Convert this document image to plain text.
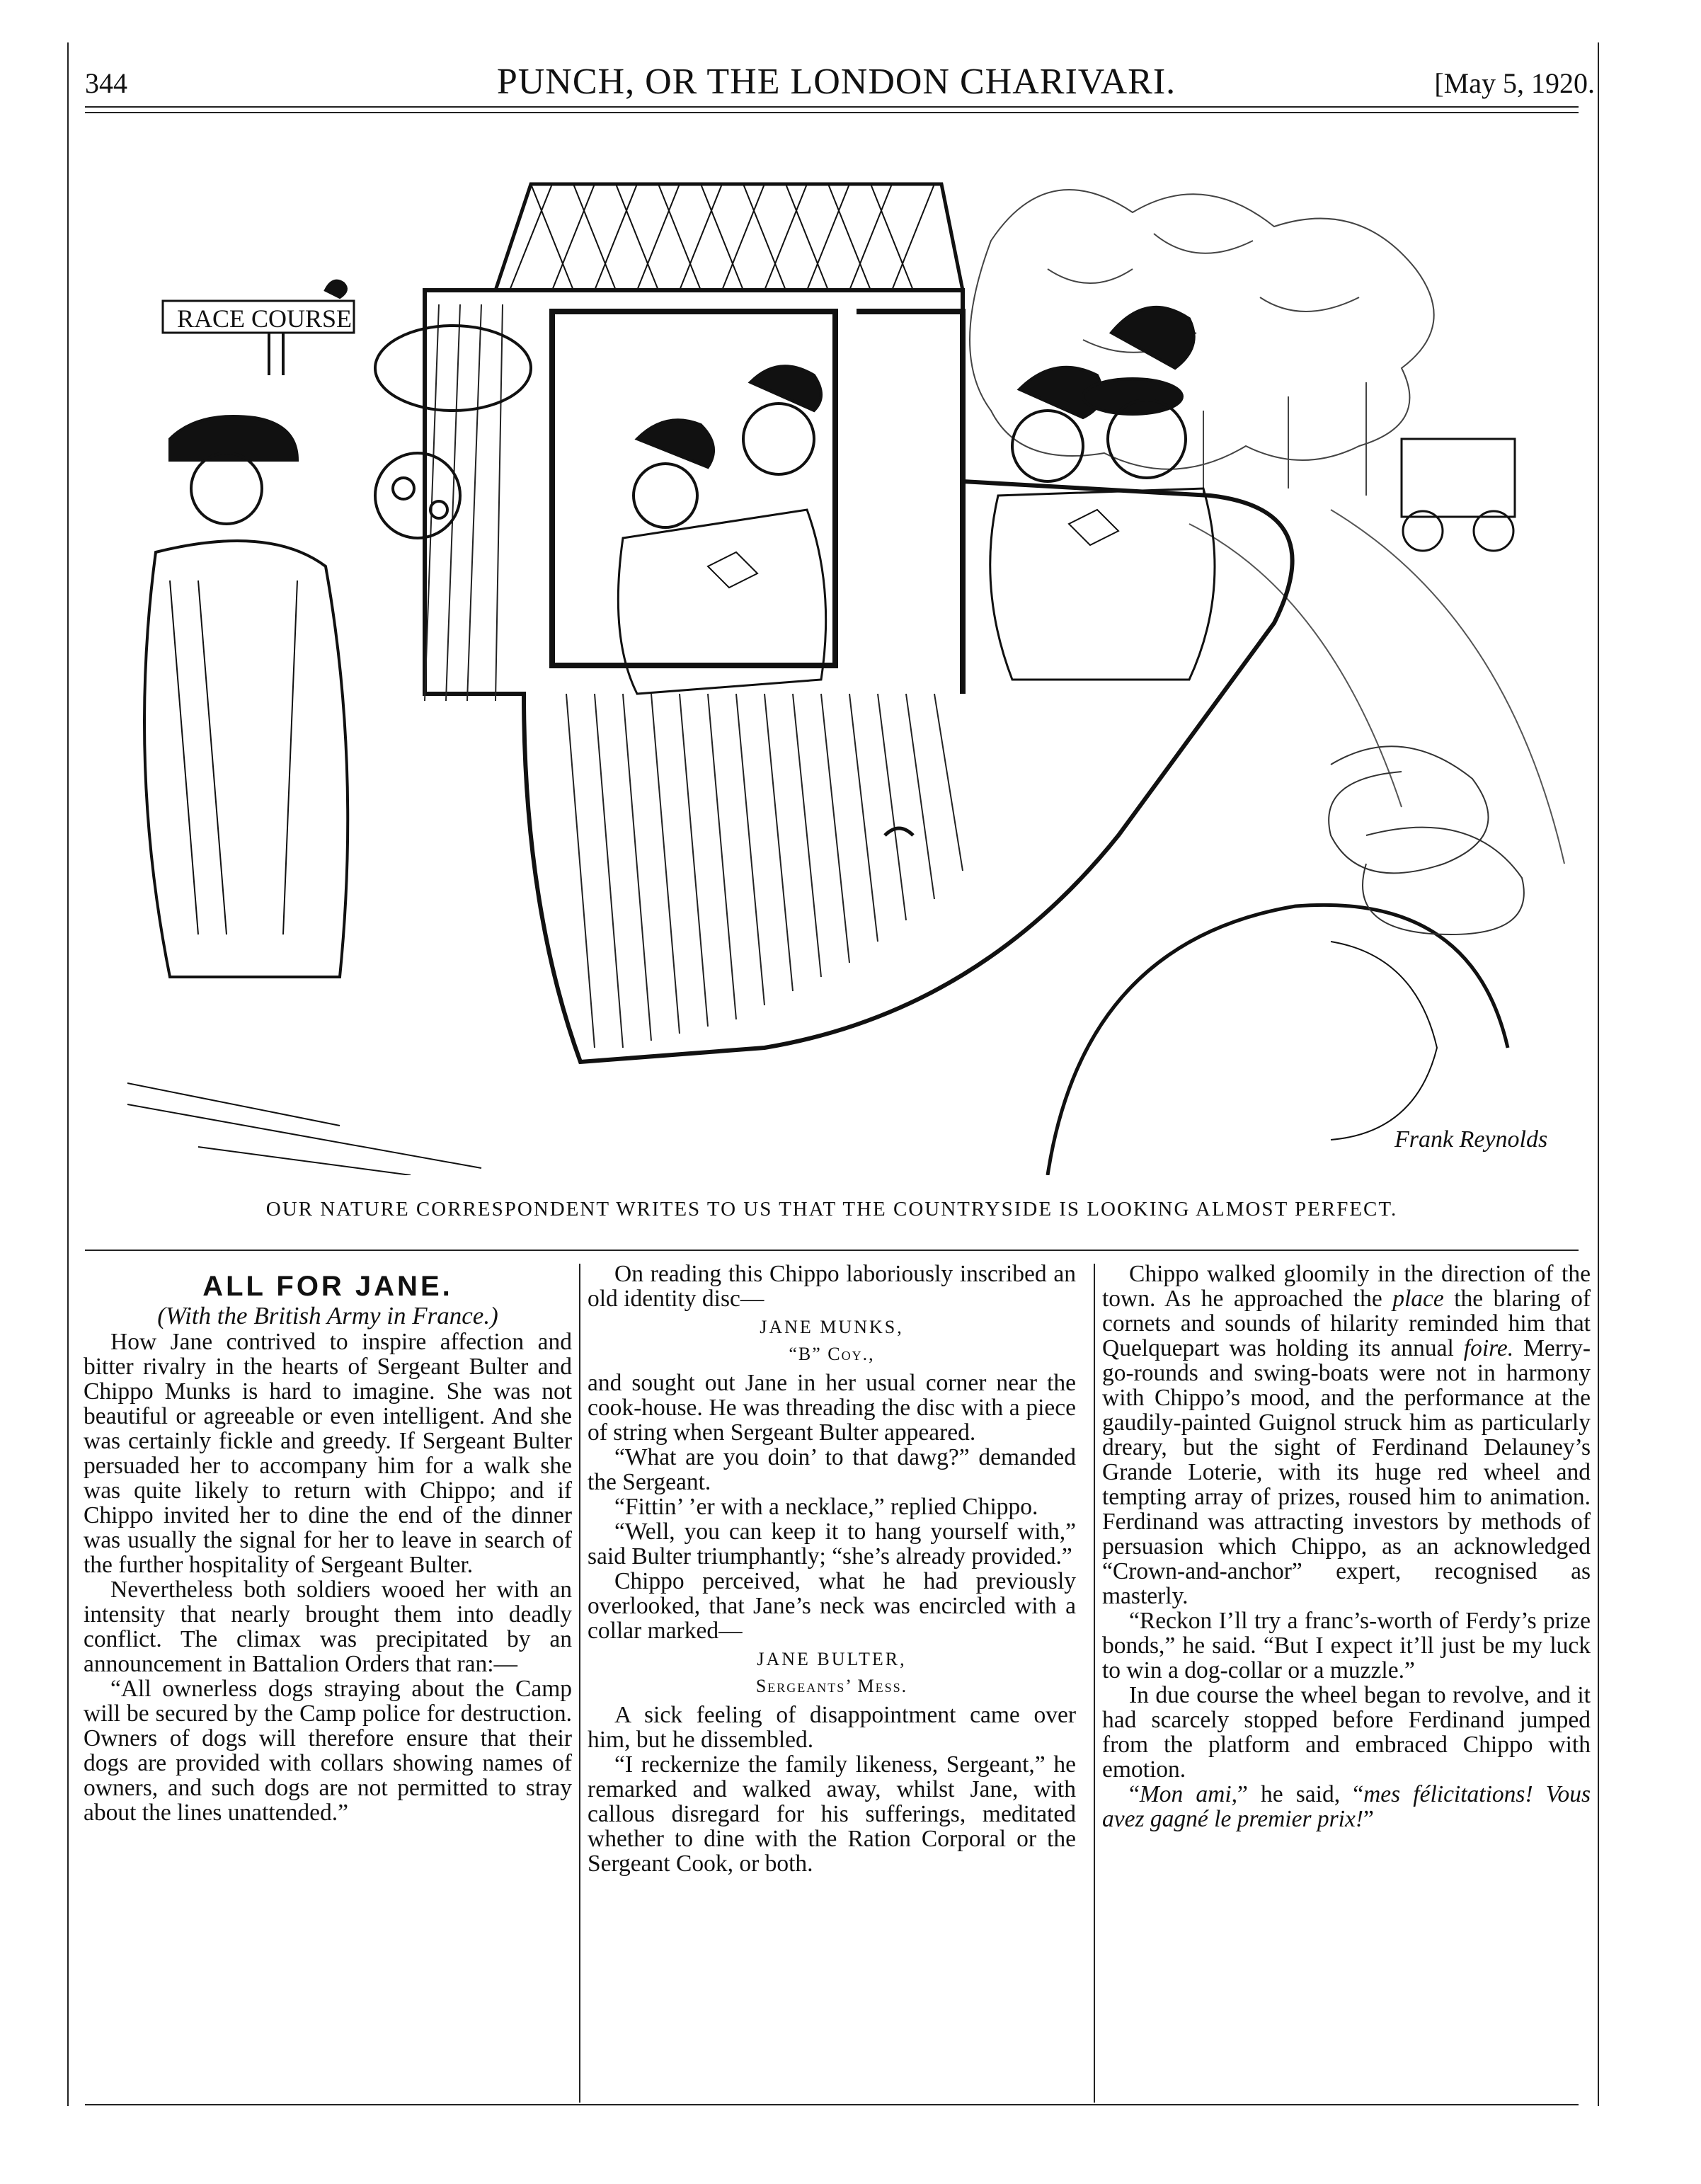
344	PUNCH, OR THE LONDON CHARIVARI.	[May 5, 1920.
RACE COURSE
Frank Reynolds
OUR NATURE CORRESPONDENT WRITES TO US THAT THE COUNTRYSIDE IS LOOKING ALMOST PERFECT.
ALL FOR JANE.
(With the British Army in France.)

How Jane contrived to inspire affection and bitter rivalry in the hearts of Sergeant Bulter and Chippo Munks is hard to imagine. She was not beautiful or agreeable or even intelligent. And she was certainly fickle and greedy. If Sergeant Bulter persuaded her to accompany him for a walk she was quite likely to return with Chippo; and if Chippo invited her to dine the end of the dinner was usually the signal for her to leave in search of the further hospitality of Sergeant Bulter.

Nevertheless both soldiers wooed her with an intensity that nearly brought them into deadly conflict. The climax was precipitated by an announcement in Battalion Orders that ran:—

“All ownerless dogs straying about the Camp will be secured by the Camp police for destruction. Owners of dogs will therefore ensure that their dogs are provided with collars showing names of owners, and such dogs are not permitted to stray about the lines unattended.”

On reading this Chippo laboriously inscribed an old identity disc—

JANE MUNKS,

“B” Coy.,

and sought out Jane in her usual corner near the cook-house. He was threading the disc with a piece of string when Sergeant Bulter appeared.

“What are you doin’ to that dawg?” demanded the Sergeant.

“Fittin’ ’er with a necklace,” replied Chippo.

“Well, you can keep it to hang yourself with,” said Bulter triumphantly; “she’s already provided.”

Chippo perceived, what he had previously overlooked, that Jane’s neck was encircled with a collar marked—

JANE BULTER,

Sergeants’ Mess.

A sick feeling of disappointment came over him, but he dissembled.

“I reckernize the family likeness, Sergeant,” he remarked and walked away, whilst Jane, with callous disregard for his sufferings, meditated whether to dine with the Ration Corporal or the Sergeant Cook, or both.

Chippo walked gloomily in the direction of the town. As he approached the place the blaring of cornets and sounds of hilarity reminded him that Quelquepart was holding its annual foire. Merry-go-rounds and swing-boats were not in harmony with Chippo’s mood, and the performance at the gaudily-painted Guignol struck him as particularly dreary, but the sight of Ferdinand Delauney’s Grande Loterie, with its huge red wheel and tempting array of prizes, roused him to animation. Ferdinand was attracting investors by methods of persuasion which Chippo, as an acknowledged “Crown-and-anchor” expert, recognised as masterly.

“Reckon I’ll try a franc’s-worth of Ferdy’s prize bonds,” he said. “But I expect it’ll just be my luck to win a dog-collar or a muzzle.”

In due course the wheel began to revolve, and it had scarcely stopped before Ferdinand jumped from the platform and embraced Chippo with emotion.

“Mon ami,” he said, “mes félicitations! Vous avez gagné le premier prix!”
